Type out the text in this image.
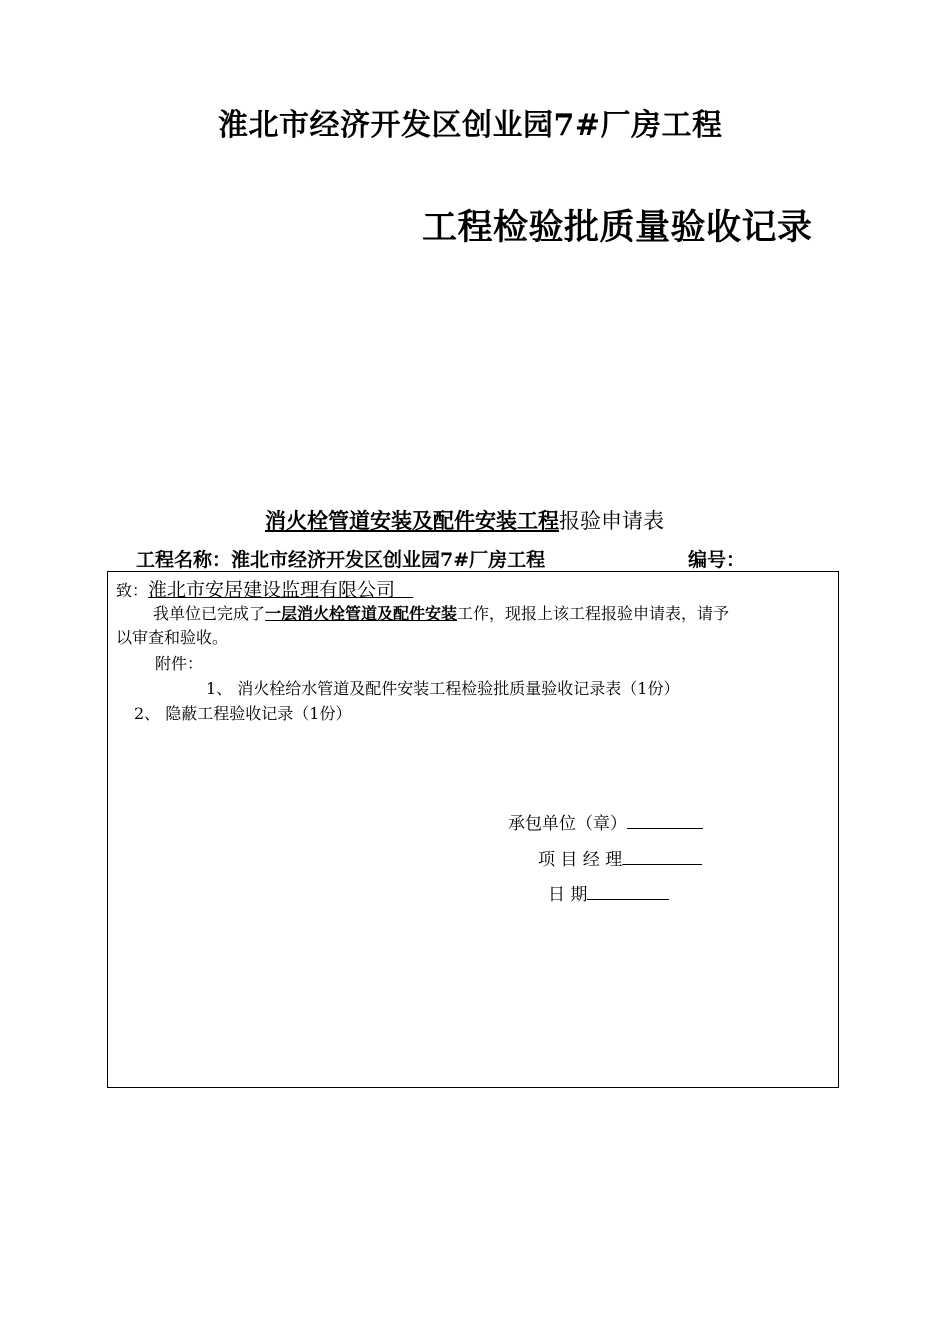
淮北市经济开发区创业园7#厂房工程
工程检验批质量验收记录
消火栓管道安装及配件安装工程报验申请表
工程名称：淮北市经济开发区创业园7#厂房工程	编号：
致：淮北市安居建设监理有限公司
我单位已完成了一层消火栓管道及配件安装工作，现报上该工程报验申请表，请予
以审查和验收。
附件：
1、 消火栓给水管道及配件安装工程检验批质量验收记录表（1份）
2、 隐蔽工程验收记录（1份）
承包单位（章）
项 目 经 理
日 期
